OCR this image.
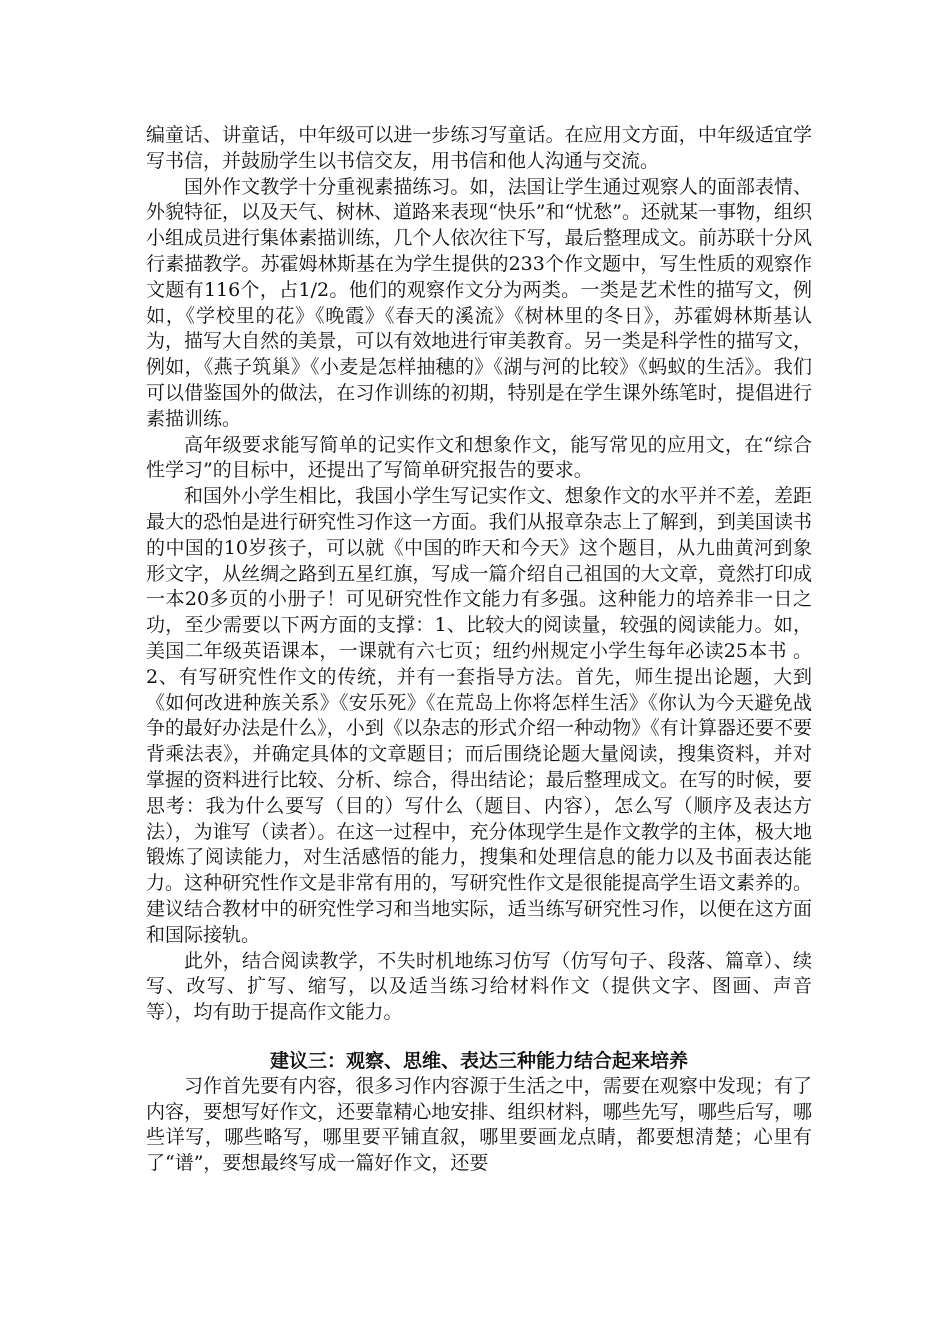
编童话、讲童话，中年级可以进一步练习写童话。在应用文方面，中年级适宜学写书信，并鼓励学生以书信交友，用书信和他人沟通与交流。

国外作文教学十分重视素描练习。如，法国让学生通过观察人的面部表情、外貌特征，以及天气、树林、道路来表现“快乐”和“忧愁”。还就某一事物，组织小组成员进行集体素描训练，几个人依次往下写，最后整理成文。前苏联十分风行素描教学。苏霍姆林斯基在为学生提供的233个作文题中，写生性质的观察作文题有116个，占1/2。他们的观察作文分为两类。一类是艺术性的描写文，例如，《学校里的花》《晚霞》《春天的溪流》《树林里的冬日》，苏霍姆林斯基认为，描写大自然的美景，可以有效地进行审美教育。另一类是科学性的描写文，例如，《燕子筑巢》《小麦是怎样抽穗的》《湖与河的比较》《蚂蚁的生活》。我们可以借鉴国外的做法，在习作训练的初期，特别是在学生课外练笔时，提倡进行素描训练。

高年级要求能写简单的记实作文和想象作文，能写常见的应用文，在“综合性学习”的目标中，还提出了写简单研究报告的要求。

和国外小学生相比，我国小学生写记实作文、想象作文的水平并不差，差距最大的恐怕是进行研究性习作这一方面。我们从报章杂志上了解到，到美国读书的中国的10岁孩子，可以就《中国的昨天和今天》这个题目，从九曲黄河到象形文字，从丝绸之路到五星红旗，写成一篇介绍自己祖国的大文章，竟然打印成一本20多页的小册子！可见研究性作文能力有多强。这种能力的培养非一日之功，至少需要以下两方面的支撑：1、比较大的阅读量，较强的阅读能力。如，美国二年级英语课本，一课就有六七页；纽约州规定小学生每年必读25本书 。2、有写研究性作文的传统，并有一套指导方法。首先，师生提出论题，大到《如何改进种族关系》《安乐死》《在荒岛上你将怎样生活》《你认为今天避免战争的最好办法是什么》，小到《以杂志的形式介绍一种动物》《有计算器还要不要背乘法表》，并确定具体的文章题目；而后围绕论题大量阅读，搜集资料，并对掌握的资料进行比较、分析、综合，得出结论；最后整理成文。在写的时候，要思考：我为什么要写（目的）写什么（题目、内容），怎么写（顺序及表达方法），为谁写（读者）。在这一过程中，充分体现学生是作文教学的主体，极大地锻炼了阅读能力，对生活感悟的能力，搜集和处理信息的能力以及书面表达能力。这种研究性作文是非常有用的，写研究性作文是很能提高学生语文素养的。建议结合教材中的研究性学习和当地实际，适当练写研究性习作，以便在这方面和国际接轨。

此外，结合阅读教学，不失时机地练习仿写（仿写句子、段落、篇章）、续写、改写、扩写、缩写，以及适当练习给材料作文（提供文字、图画、声音等），均有助于提高作文能力。

建议三：观察、思维、表达三种能力结合起来培养

习作首先要有内容，很多习作内容源于生活之中，需要在观察中发现；有了内容，要想写好作文，还要靠精心地安排、组织材料，哪些先写，哪些后写，哪些详写，哪些略写，哪里要平铺直叙，哪里要画龙点睛，都要想清楚；心里有了“谱”，要想最终写成一篇好作文，还要
